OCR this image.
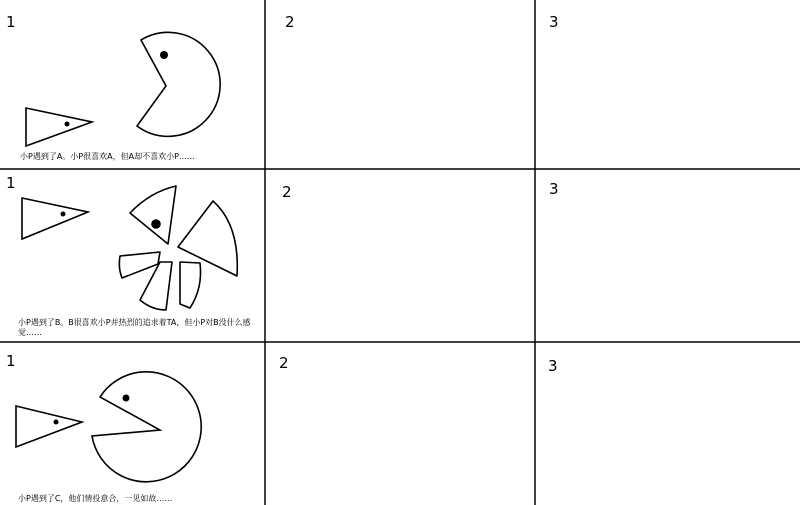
1	2	3
1	2	3
1	2	3
小P遇到了A。小P很喜欢A，但A却不喜欢小P……
小P遇到了B。B很喜欢小P并热烈的追求着TA，但小P对B没什么感觉……
小P遇到了C，他们情投意合，一见如故……
